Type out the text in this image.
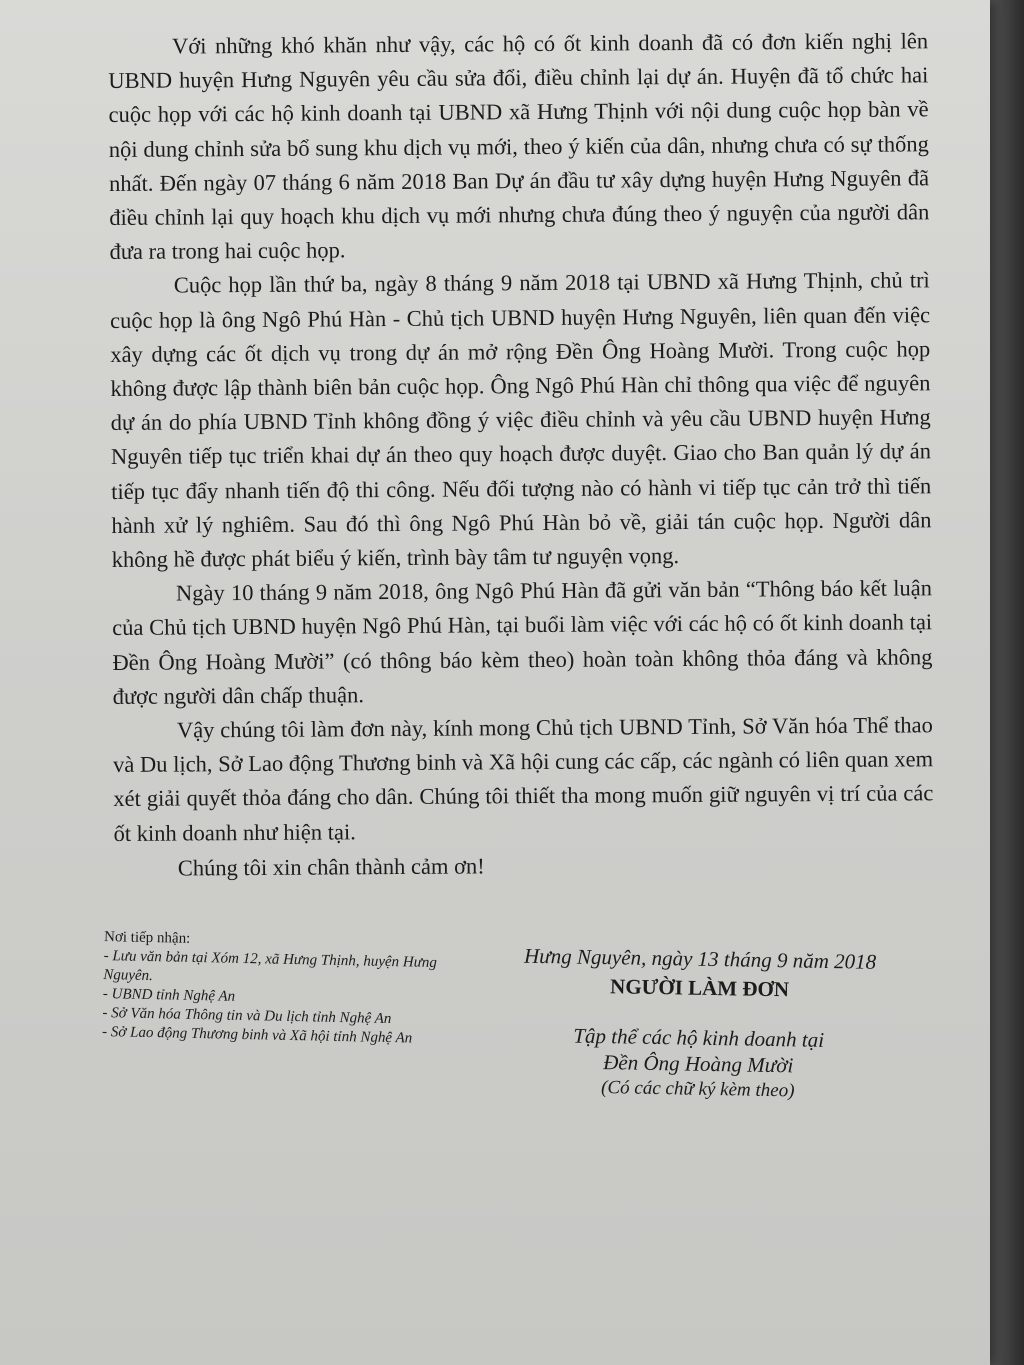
Với những khó khăn như vậy, các hộ có ốt kinh doanh đã có đơn kiến nghị lên UBND huyện Hưng Nguyên yêu cầu sửa đổi, điều chỉnh lại dự án. Huyện đã tổ chức hai cuộc họp với các hộ kinh doanh tại UBND xã Hưng Thịnh với nội dung cuộc họp bàn về nội dung chỉnh sửa bổ sung khu dịch vụ mới, theo ý kiến của dân, nhưng chưa có sự thống nhất. Đến ngày 07 tháng 6 năm 2018 Ban Dự án đầu tư xây dựng huyện Hưng Nguyên đã điều chỉnh lại quy hoạch khu dịch vụ mới nhưng chưa đúng theo ý nguyện của người dân đưa ra trong hai cuộc họp.

Cuộc họp lần thứ ba, ngày 8 tháng 9 năm 2018 tại UBND xã Hưng Thịnh, chủ trì cuộc họp là ông Ngô Phú Hàn - Chủ tịch UBND huyện Hưng Nguyên, liên quan đến việc xây dựng các ốt dịch vụ trong dự án mở rộng Đền Ông Hoàng Mười. Trong cuộc họp không được lập thành biên bản cuộc họp. Ông Ngô Phú Hàn chỉ thông qua việc để nguyên dự án do phía UBND Tỉnh không đồng ý việc điều chỉnh và yêu cầu UBND huyện Hưng Nguyên tiếp tục triển khai dự án theo quy hoạch được duyệt. Giao cho Ban quản lý dự án tiếp tục đẩy nhanh tiến độ thi công. Nếu đối tượng nào có hành vi tiếp tục cản trở thì tiến hành xử lý nghiêm. Sau đó thì ông Ngô Phú Hàn bỏ về, giải tán cuộc họp. Người dân không hề được phát biểu ý kiến, trình bày tâm tư nguyện vọng.

Ngày 10 tháng 9 năm 2018, ông Ngô Phú Hàn đã gửi văn bản “Thông báo kết luận của Chủ tịch UBND huyện Ngô Phú Hàn, tại buổi làm việc với các hộ có ốt kinh doanh tại Đền Ông Hoàng Mười” (có thông báo kèm theo) hoàn toàn không thỏa đáng và không được người dân chấp thuận.

Vậy chúng tôi làm đơn này, kính mong Chủ tịch UBND Tỉnh, Sở Văn hóa Thể thao và Du lịch, Sở Lao động Thương binh và Xã hội cung các cấp, các ngành có liên quan xem xét giải quyết thỏa đáng cho dân. Chúng tôi thiết tha mong muốn giữ nguyên vị trí của các ốt kinh doanh như hiện tại.

Chúng tôi xin chân thành cảm ơn!

Nơi tiếp nhận:
- Lưu văn bản tại Xóm 12, xã Hưng Thịnh, huyện Hưng Nguyên.
- UBND tỉnh Nghệ An
- Sở Văn hóa Thông tin và Du lịch tỉnh Nghệ An
- Sở Lao động Thương binh và Xã hội tỉnh Nghệ An
Hưng Nguyên, ngày 13 tháng 9 năm 2018
NGƯỜI LÀM ĐƠN
Tập thể các hộ kinh doanh tại
Đền Ông Hoàng Mười
(Có các chữ ký kèm theo)
